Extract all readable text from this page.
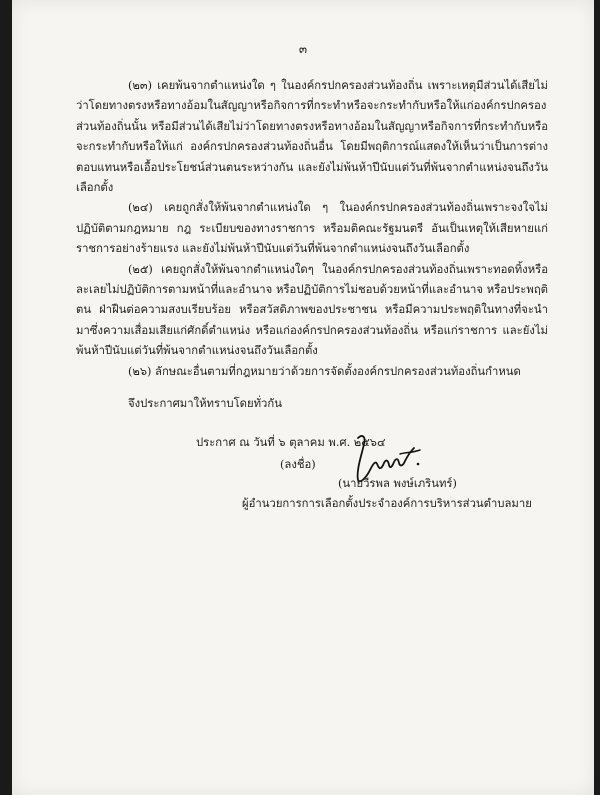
๓

(๒๓) เคยพ้นจากตำแหน่งใด ๆ ในองค์กรปกครองส่วนท้องถิ่น เพราะเหตุมีส่วนได้เสียไม่ว่าโดยทางตรงหรือทางอ้อมในสัญญาหรือกิจการที่กระทำหรือจะกระทำกับหรือให้แก่องค์กรปกครองส่วนท้องถิ่นนั้น หรือมีส่วนได้เสียไม่ว่าโดยทางตรงหรือทางอ้อมในสัญญาหรือกิจการที่กระทำกับหรือจะกระทำกับหรือให้แก่ องค์กรปกครองส่วนท้องถิ่นอื่น โดยมีพฤติการณ์แสดงให้เห็นว่าเป็นการต่างตอบแทนหรือเอื้อประโยชน์ส่วนตนระหว่างกัน และยังไม่พ้นห้าปีนับแต่วันที่พ้นจากตำแหน่งจนถึงวันเลือกตั้ง

(๒๔) เคยถูกสั่งให้พ้นจากตำแหน่งใด ๆ ในองค์กรปกครองส่วนท้องถิ่นเพราะจงใจไม่ปฏิบัติตามกฎหมาย กฎ ระเบียบของทางราชการ หรือมติคณะรัฐมนตรี อันเป็นเหตุให้เสียหายแก่ราชการอย่างร้ายแรง และยังไม่พ้นห้าปีนับแต่วันที่พ้นจากตำแหน่งจนถึงวันเลือกตั้ง

(๒๕) เคยถูกสั่งให้พ้นจากตำแหน่งใดๆ ในองค์กรปกครองส่วนท้องถิ่นเพราะทอดทิ้งหรือละเลยไม่ปฏิบัติการตามหน้าที่และอำนาจ หรือปฏิบัติการไม่ชอบด้วยหน้าที่และอำนาจ หรือประพฤติตน ฝ่าฝืนต่อความสงบเรียบร้อย หรือสวัสดิภาพของประชาชน หรือมีความประพฤติในทางที่จะนำมาซึ่งความเสื่อมเสียแก่ศักดิ์ตำแหน่ง หรือแก่องค์กรปกครองส่วนท้องถิ่น หรือแก่ราชการ และยังไม่พ้นห้าปีนับแต่วันที่พ้นจากตำแหน่งจนถึงวันเลือกตั้ง

(๒๖) ลักษณะอื่นตามที่กฎหมายว่าด้วยการจัดตั้งองค์กรปกครองส่วนท้องถิ่นกำหนด

จึงประกาศมาให้ทราบโดยทั่วกัน

ประกาศ ณ วันที่ ๖ ตุลาคม พ.ศ. ๒๕๖๔

(ลงชื่อ)
(นายวีรพล พงษ์เภรินทร์)
ผู้อำนวยการการเลือกตั้งประจำองค์การบริหารส่วนตำบลมาย
